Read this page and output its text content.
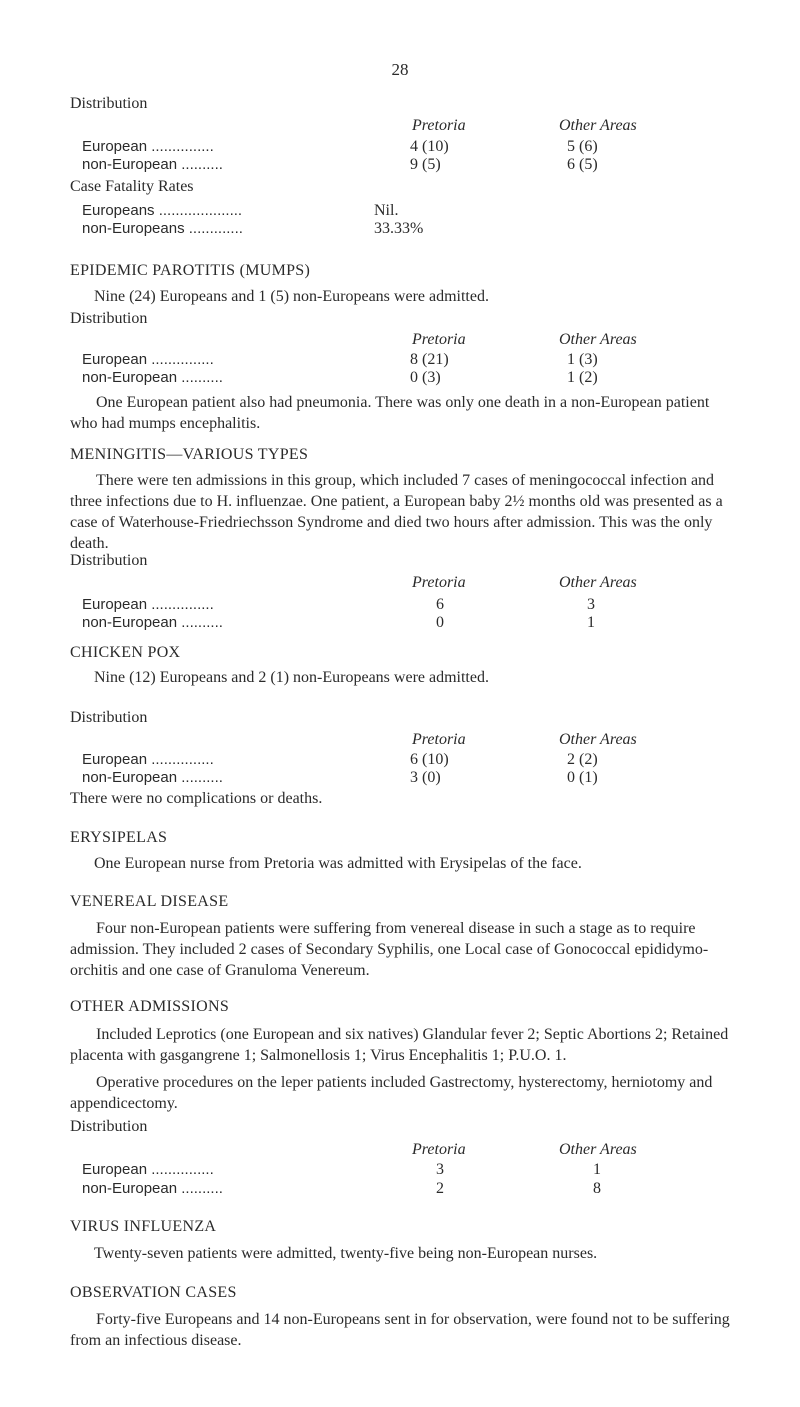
28
Distribution
Pretoria	Other Areas
European ...............	4 (10)	5 (6)
non-European ..........	9 (5)	6 (5)
Case Fatality Rates
Europeans ....................	Nil.
non-Europeans .............	33.33%
EPIDEMIC PAROTITIS (MUMPS)
Nine (24) Europeans and 1 (5) non-Europeans were admitted.
Distribution
Pretoria	Other Areas
European ...............	8 (21)	1 (3)
non-European ..........	0 (3)	1 (2)

One European patient also had pneumonia. There was only one death in a non-European patient who had mumps encephalitis.

MENINGITIS—VARIOUS TYPES

There were ten admissions in this group, which included 7 cases of meningococcal infection and three infections due to H. influenzae. One patient, a European baby 2½ months old was presented as a case of Waterhouse-Friedriechsson Syndrome and died two hours after admission. This was the only death.

Distribution
Pretoria	Other Areas
European ...............	6	3
non-European ..........	0	1
CHICKEN POX
Nine (12) Europeans and 2 (1) non-Europeans were admitted.
Distribution
Pretoria	Other Areas
European ...............	6 (10)	2 (2)
non-European ..........	3 (0)	0 (1)
There were no complications or deaths.
ERYSIPELAS
One European nurse from Pretoria was admitted with Erysipelas of the face.
VENEREAL DISEASE

Four non-European patients were suffering from venereal disease in such a stage as to require admission. They included 2 cases of Secondary Syphilis, one Local case of Gonococcal epididymo-orchitis and one case of Granuloma Venereum.

OTHER ADMISSIONS

Included Leprotics (one European and six natives) Glandular fever 2; Septic Abortions 2; Retained placenta with gasgangrene 1; Salmonellosis 1; Virus Encephalitis 1; P.U.O. 1.

Operative procedures on the leper patients included Gastrectomy, hysterectomy, herniotomy and appendicectomy.

Distribution
Pretoria	Other Areas
European ...............	3	1
non-European ..........	2	8
VIRUS INFLUENZA
Twenty-seven patients were admitted, twenty-five being non-European nurses.
OBSERVATION CASES

Forty-five Europeans and 14 non-Europeans sent in for observation, were found not to be suffering from an infectious disease.
